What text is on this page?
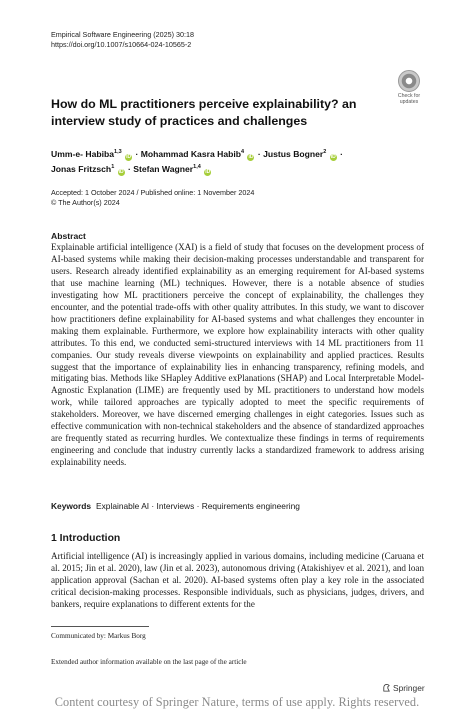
Empirical Software Engineering (2025) 30:18
https://doi.org/10.1007/s10664-024-10565-2
Check for
updates
How do ML practitioners perceive explainability? an interview study of practices and challenges
Umm-e- Habiba$^{1,3}$ iD · Mohammad Kasra Habib$^4$ iD · Justus Bogner$^2$ iD ·
Jonas Fritzsch$^1$ iD · Stefan Wagner$^{1,4}$ iD
Accepted: 1 October 2024 / Published online: 1 November 2024
© The Author(s) 2024
Abstract

Explainable artificial intelligence (XAI) is a field of study that focuses on the development process of AI-based systems while making their decision-making processes understandable and transparent for users. Research already identified explainability as an emerging requirement for AI-based systems that use machine learning (ML) techniques. However, there is a notable absence of studies investigating how ML practitioners perceive the concept of explainability, the challenges they encounter, and the potential trade-offs with other quality attributes. In this study, we want to discover how practitioners define explainability for AI-based systems and what challenges they encounter in making them explainable. Furthermore, we explore how explainability interacts with other quality attributes. To this end, we conducted semi-structured interviews with 14 ML practitioners from 11 companies. Our study reveals diverse viewpoints on explainability and applied practices. Results suggest that the importance of explainability lies in enhancing transparency, refining models, and mitigating bias. Methods like SHapley Additive exPlanations (SHAP) and Local Interpretable Model-Agnostic Explanation (LIME) are frequently used by ML practitioners to understand how models work, while tailored approaches are typically adopted to meet the specific requirements of stakeholders. Moreover, we have discerned emerging challenges in eight categories. Issues such as effective communication with non-technical stakeholders and the absence of standardized approaches are frequently stated as recurring hurdles. We contextualize these findings in terms of requirements engineering and conclude that industry currently lacks a standardized framework to address arising explainability needs.

Keywords Explainable AI · Interviews · Requirements engineering
1 Introduction

Artificial intelligence (AI) is increasingly applied in various domains, including medicine (Caruana et al. 2015; Jin et al. 2020), law (Jin et al. 2023), autonomous driving (Atakishiyev et al. 2021), and loan application approval (Sachan et al. 2020). AI-based systems often play a key role in the associated critical decision-making processes. Responsible individuals, such as physicians, judges, drivers, and bankers, require explanations to different extents for the

Communicated by: Markus Borg
Extended author information available on the last page of the article
Springer
Content courtesy of Springer Nature, terms of use apply. Rights reserved.
